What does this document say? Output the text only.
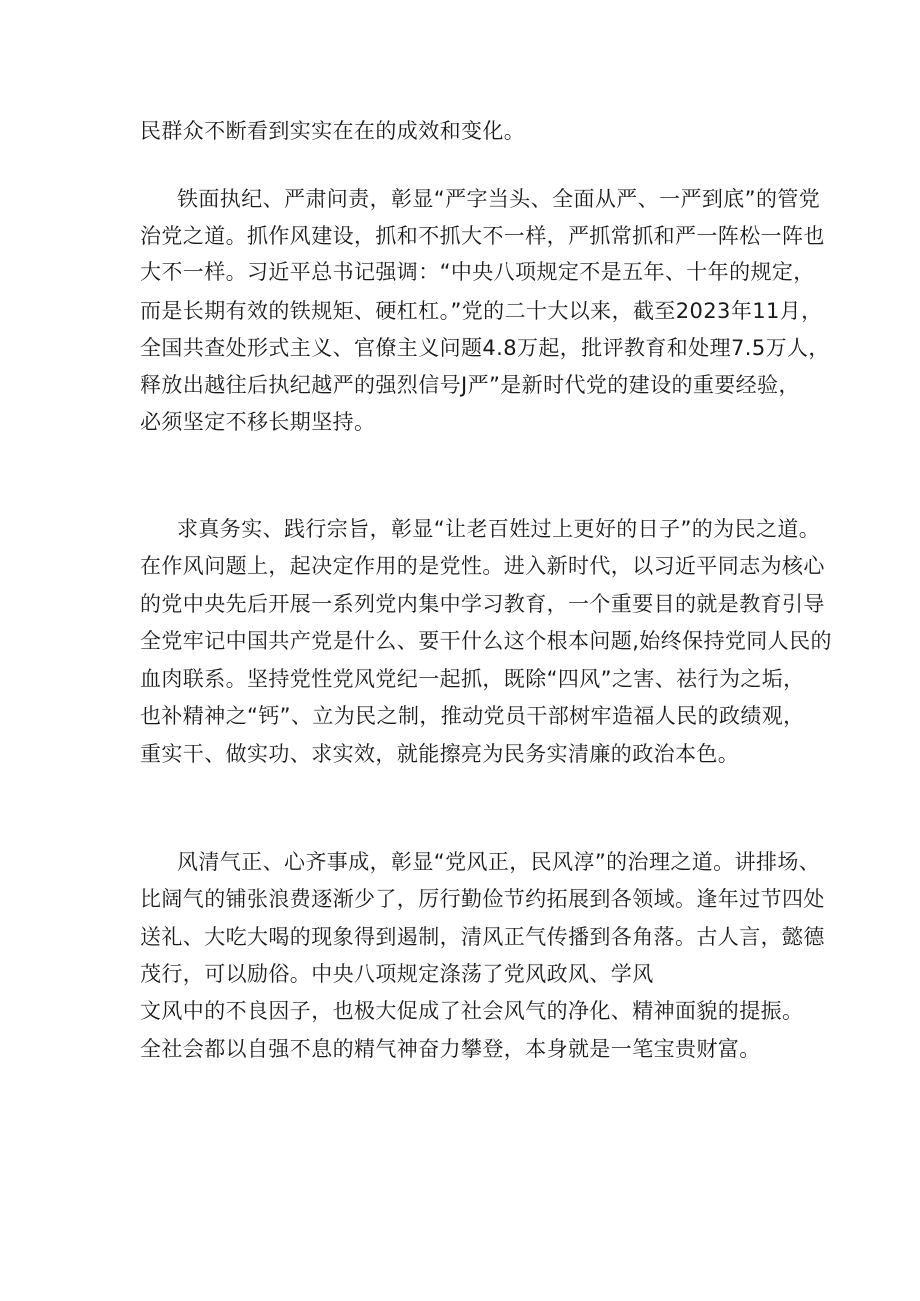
民群众不断看到实实在在的成效和变化。
铁面执纪、严肃问责，彰显“严字当头、全面从严、一严到底”的管党
治党之道。抓作风建设，抓和不抓大不一样，严抓常抓和严一阵松一阵也
大不一样。习近平总书记强调：“中央八项规定不是五年、十年的规定，
而是长期有效的铁规矩、硬杠杠。”党的二十大以来，截至2023年11月，
全国共查处形式主义、官僚主义问题4.8万起，批评教育和处理7.5万人，
释放出越往后执纪越严的强烈信号J严”是新时代党的建设的重要经验，
必须坚定不移长期坚持。
求真务实、践行宗旨，彰显“让老百姓过上更好的日子”的为民之道。
在作风问题上，起决定作用的是党性。进入新时代，以习近平同志为核心
的党中央先后开展一系列党内集中学习教育，一个重要目的就是教育引导
全党牢记中国共产党是什么、要干什么这个根本问题,始终保持党同人民的
血肉联系。坚持党性党风党纪一起抓，既除“四风”之害、祛行为之垢，
也补精神之“钙”、立为民之制，推动党员干部树牢造福人民的政绩观，
重实干、做实功、求实效，就能擦亮为民务实清廉的政治本色。
风清气正、心齐事成，彰显“党风正，民风淳”的治理之道。讲排场、
比阔气的铺张浪费逐渐少了，厉行勤俭节约拓展到各领域。逢年过节四处
送礼、大吃大喝的现象得到遏制，清风正气传播到各角落。古人言，懿德
茂行，可以励俗。中央八项规定涤荡了党风政风、学风
文风中的不良因子，也极大促成了社会风气的净化、精神面貌的提振。
全社会都以自强不息的精气神奋力攀登，本身就是一笔宝贵财富。
